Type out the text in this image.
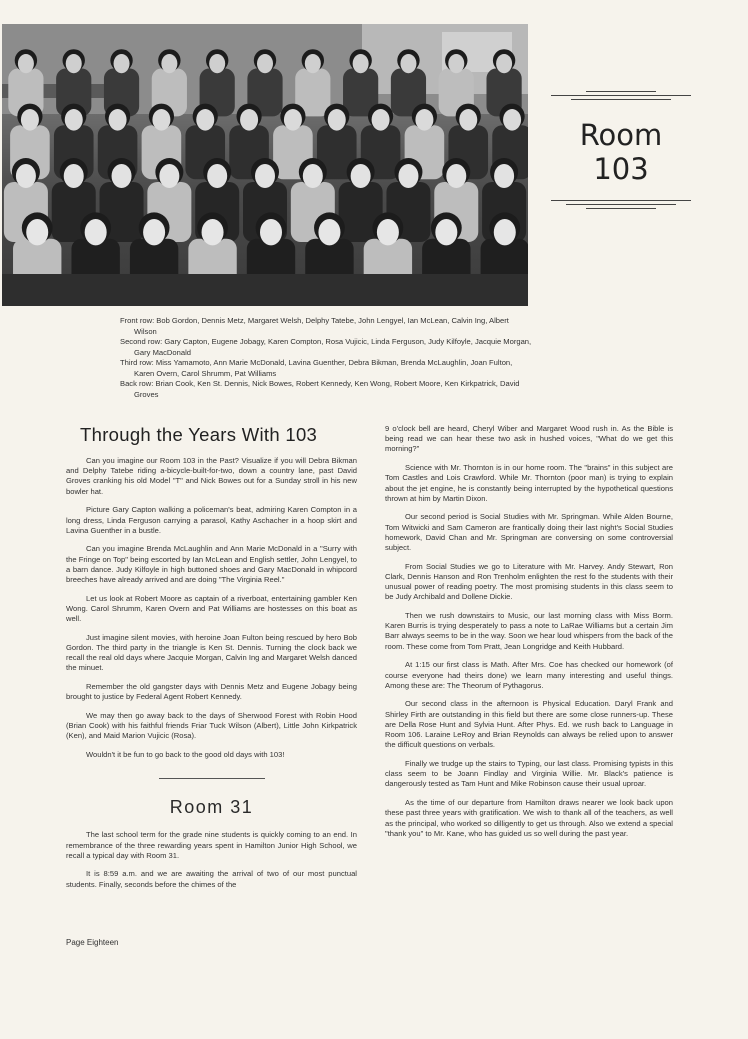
Room
103
Front row: Bob Gordon, Dennis Metz, Margaret Welsh, Delphy Tatebe, John Lengyel, Ian McLean, Calvin Ing, Albert Wilson
Second row: Gary Capton, Eugene Jobagy, Karen Compton, Rosa Vujicic, Linda Ferguson, Judy Kilfoyle, Jacquie Morgan, Gary MacDonald
Third row: Miss Yamamoto, Ann Marie McDonald, Lavina Guenther, Debra Bikman, Brenda McLaughlin, Joan Fulton, Karen Overn, Carol Shrumm, Pat Williams
Back row: Brian Cook, Ken St. Dennis, Nick Bowes, Robert Kennedy, Ken Wong, Robert Moore, Ken Kirkpatrick, David Groves
Through the Years With 103

Can you imagine our Room 103 in the Past? Visualize if you will Debra Bikman and Delphy Tatebe riding a-bicycle-built-for-two, down a country lane, past David Groves cranking his old Model "T" and Nick Bowes out for a Sunday stroll in his new bowler hat.

Picture Gary Capton walking a policeman's beat, admiring Karen Compton in a long dress, Linda Ferguson carrying a parasol, Kathy Aschacher in a hoop skirt and Lavina Guenther in a bustle.

Can you imagine Brenda McLaughlin and Ann Marie McDonald in a "Surry with the Fringe on Top" being escorted by Ian McLean and English settler, John Lengyel, to a barn dance. Judy Kilfoyle in high buttoned shoes and Gary MacDonald in whipcord breeches have already arrived and are doing "The Virginia Reel."

Let us look at Robert Moore as captain of a riverboat, entertaining gambler Ken Wong. Carol Shrumm, Karen Overn and Pat Williams are hostesses on this boat as well.

Just imagine silent movies, with heroine Joan Fulton being rescued by hero Bob Gordon. The third party in the triangle is Ken St. Dennis. Turning the clock back we recall the real old days where Jacquie Morgan, Calvin Ing and Margaret Welsh danced the minuet.

Remember the old gangster days with Dennis Metz and Eugene Jobagy being brought to justice by Federal Agent Robert Kennedy.

We may then go away back to the days of Sherwood Forest with Robin Hood (Brian Cook) with his faithful friends Friar Tuck Wilson (Albert), Little John Kirkpatrick (Ken), and Maid Marion Vujicic (Rosa).

Wouldn't it be fun to go back to the good old days with 103!

Room 31

The last school term for the grade nine students is quickly coming to an end. In remembrance of the three rewarding years spent in Hamilton Junior High School, we recall a typical day with Room 31.

It is 8:59 a.m. and we are awaiting the arrival of two of our most punctual students. Finally, seconds before the chimes of the

9 o'clock bell are heard, Cheryl Wiber and Margaret Wood rush in. As the Bible is being read we can hear these two ask in hushed voices, "What do we get this morning?"

Science with Mr. Thornton is in our home room. The "brains" in this subject are Tom Castles and Lois Crawford. While Mr. Thornton (poor man) is trying to explain about the jet engine, he is constantly being interrupted by the hypothetical questions thrown at him by Martin Dixon.

Our second period is Social Studies with Mr. Springman. While Alden Bourne, Tom Witwicki and Sam Cameron are frantically doing their last night's Social Studies homework, David Chan and Mr. Springman are conversing on some controversial subject.

From Social Studies we go to Literature with Mr. Harvey. Andy Stewart, Ron Clark, Dennis Hanson and Ron Trenholm enlighten the rest fo the students with their unusual power of reading poetry. The most promising students in this class seem to be Judy Archibald and Dollene Dickie.

Then we rush downstairs to Music, our last morning class with Miss Borm. Karen Burris is trying desperately to pass a note to LaRae Williams but a certain Jim Barr always seems to be in the way. Soon we hear loud whispers from the back of the room. These come from Tom Pratt, Jean Longridge and Keith Hubbard.

At 1:15 our first class is Math. After Mrs. Coe has checked our homework (of course everyone had theirs done) we learn many interesting and useful things. Among these are: The Theorum of Pythagorus.

Our second class in the afternoon is Physical Education. Daryl Frank and Shirley Firth are outstanding in this field but there are some close runners-up. These are Della Rose Hunt and Sylvia Hunt. After Phys. Ed. we rush back to Language in Room 106. Laraine LeRoy and Brian Reynolds can always be relied upon to answer the difficult questions on verbals.

Finally we trudge up the stairs to Typing, our last class. Promising typists in this class seem to be Joann Findlay and Virginia Willie. Mr. Black's patience is dangerously tested as Tam Hunt and Mike Robinson cause their usual uproar.

As the time of our departure from Hamilton draws nearer we look back upon these past three years with gratification. We wish to thank all of the teachers, as well as the principal, who worked so dilligently to get us through. Also we extend a special "thank you" to Mr. Kane, who has guided us so well during the past year.

Page Eighteen
